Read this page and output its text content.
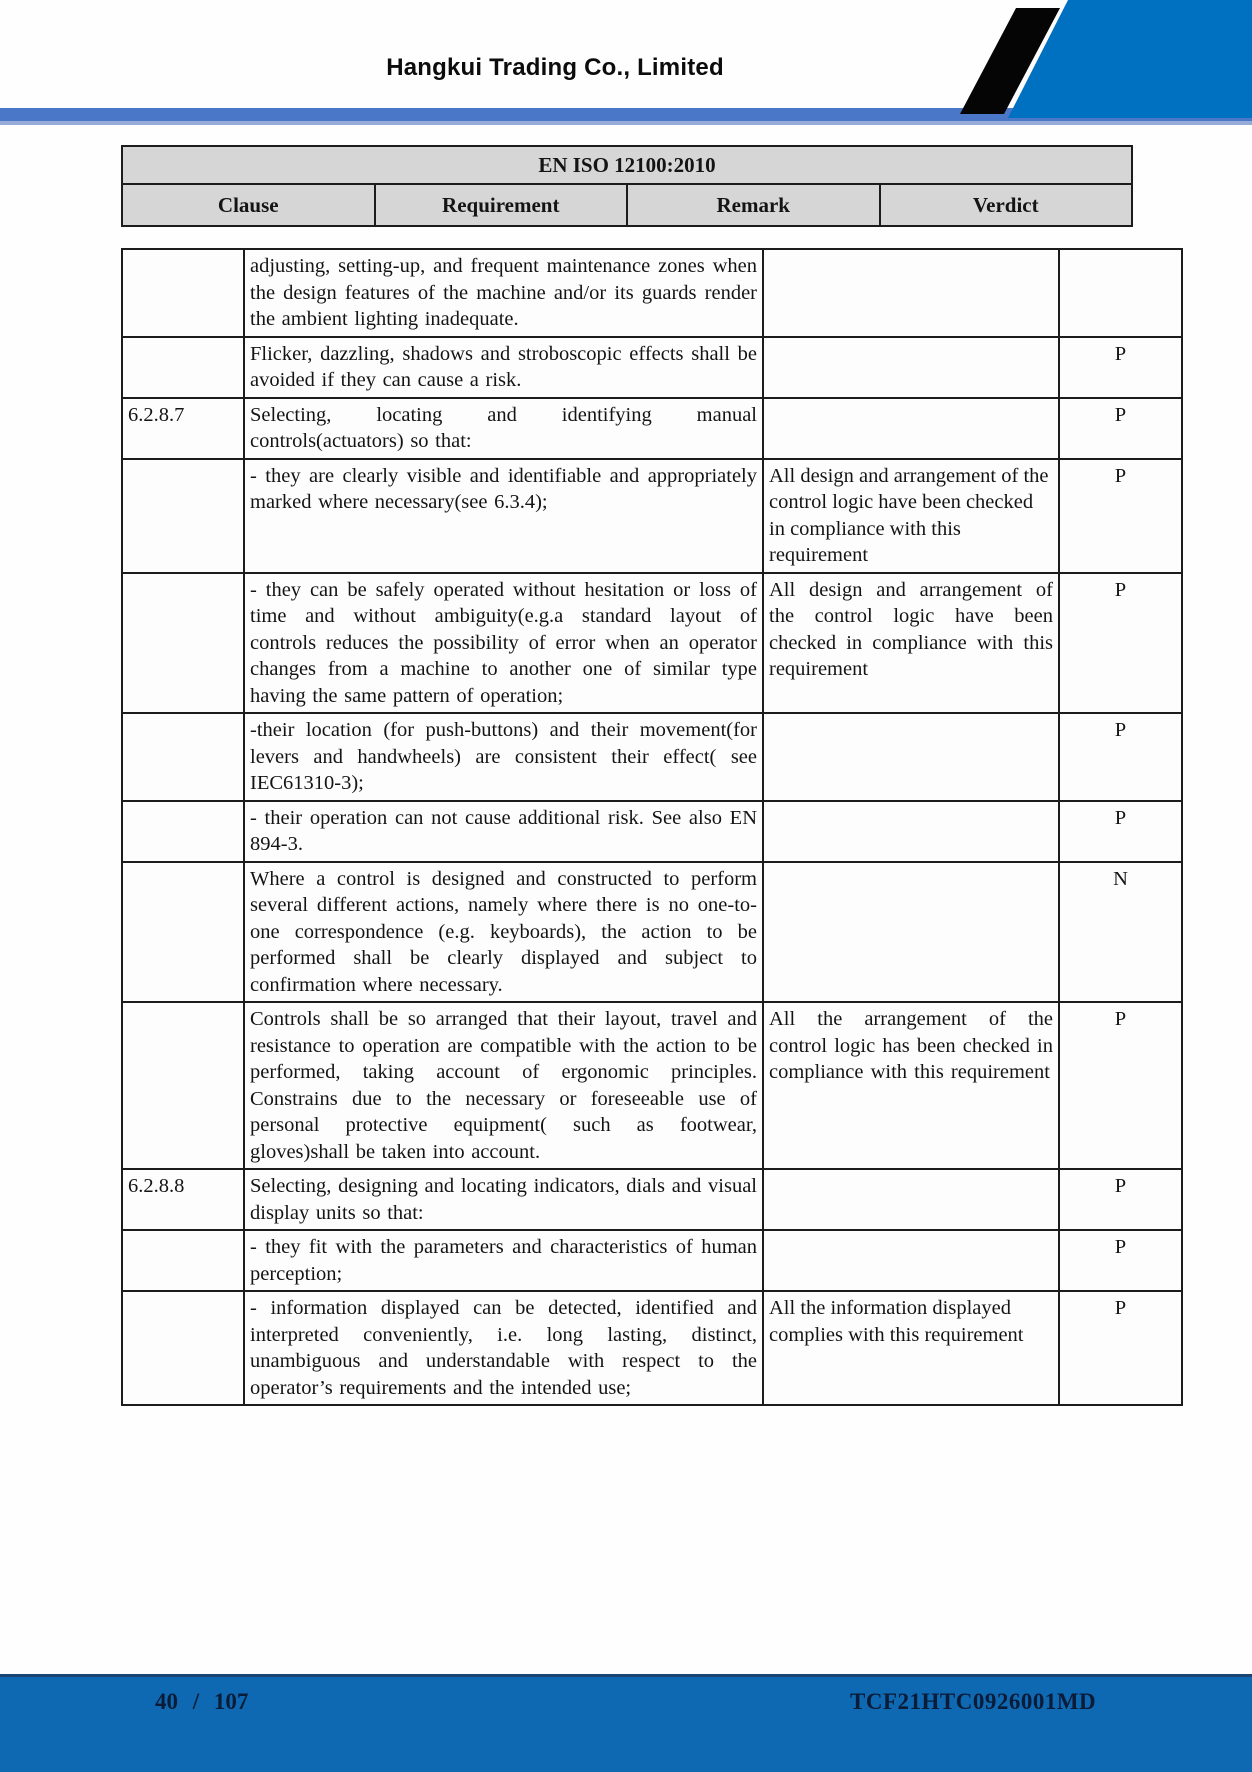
Hangkui Trading Co., Limited
EN ISO 12100:2010
Clause	Requirement	Remark	Verdict
	adjusting, setting-up, and frequent maintenance zones when the design features of the machine and/or its guards render the ambient lighting inadequate.		
	Flicker, dazzling, shadows and stroboscopic effects shall be avoided if they can cause a risk.		P
6.2.8.7	Selecting, locating and identifying manual controls(actuators) so that:		P
	- they are clearly visible and identifiable and appropriately marked where necessary(see 6.3.4);	All design and arrangement of the control logic have been checked in compliance with this requirement	P
	- they can be safely operated without hesitation or loss of time and without ambiguity(e.g.a standard layout of controls reduces the possibility of error when an operator changes from a machine to another one of similar type having the same pattern of operation;	All design and arrangement of the control logic have been checked in compliance with this requirement	P
	-their location (for push-buttons) and their movement(for levers and handwheels) are consistent their effect( see IEC61310-3);		P
	- their operation can not cause additional risk. See also EN 894-3.		P
	Where a control is designed and constructed to perform several different actions, namely where there is no one-to-one correspondence (e.g. keyboards), the action to be performed shall be clearly displayed and subject to confirmation where necessary.		N
	Controls shall be so arranged that their layout, travel and resistance to operation are compatible with the action to be performed, taking account of ergonomic principles. Constrains due to the necessary or foreseeable use of personal protective equipment( such as footwear, gloves)shall be taken into account.	All the arrangement of the control logic has been checked in compliance with this requirement	P
6.2.8.8	Selecting, designing and locating indicators, dials and visual display units so that:		P
	- they fit with the parameters and characteristics of human perception;		P
	- information displayed can be detected, identified and interpreted conveniently, i.e. long lasting, distinct, unambiguous and understandable with respect to the operator’s requirements and the intended use;	All the information displayed complies with this requirement	P
40 / 107	TCF21HTC0926001MD
